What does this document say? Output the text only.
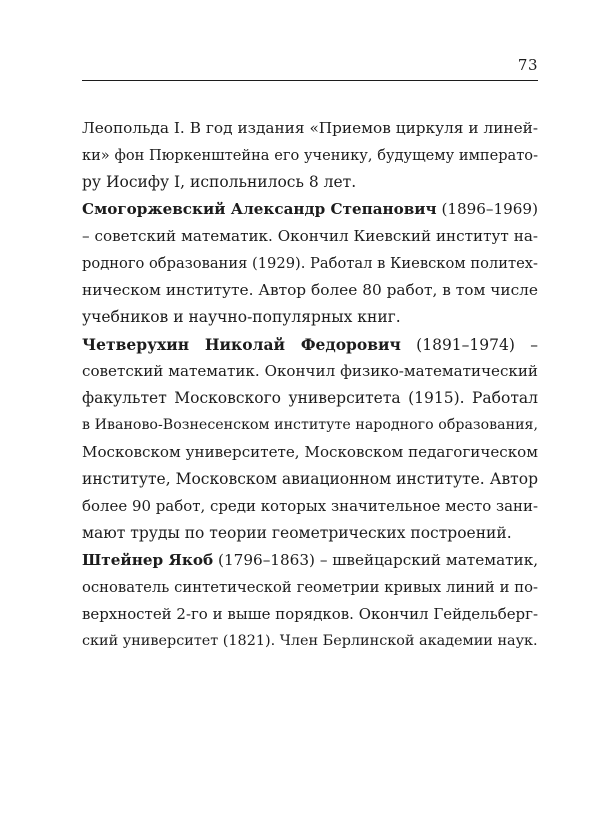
73
Леопольда I. В год издания «Приемов циркуля и линей-
ки» фон Пюркенштейна его ученику, будущему императо-
ру Иосифу I, испольнилось 8 лет.
Смогоржевский Александр Степанович (1896–1969)
– советский математик. Окончил Киевский институт на-
родного образования (1929). Работал в Киевском политех-
ническом институте. Автор более 80 работ, в том числе
учебников и научно-популярных книг.
Четверухин Николай Федорович (1891–1974) –
советский математик. Окончил физико-математический
факультет Московского университета (1915). Работал
в Иваново-Вознесенском институте народного образования,
Московском университете, Московском педагогическом
институте, Московском авиационном институте. Автор
более 90 работ, среди которых значительное место зани-
мают труды по теории геометрических построений.
Штейнер Якоб (1796–1863) – швейцарский математик,
основатель синтетической геометрии кривых линий и по-
верхностей 2-го и выше порядков. Окончил Гейдельберг-
ский университет (1821). Член Берлинской академии наук.
